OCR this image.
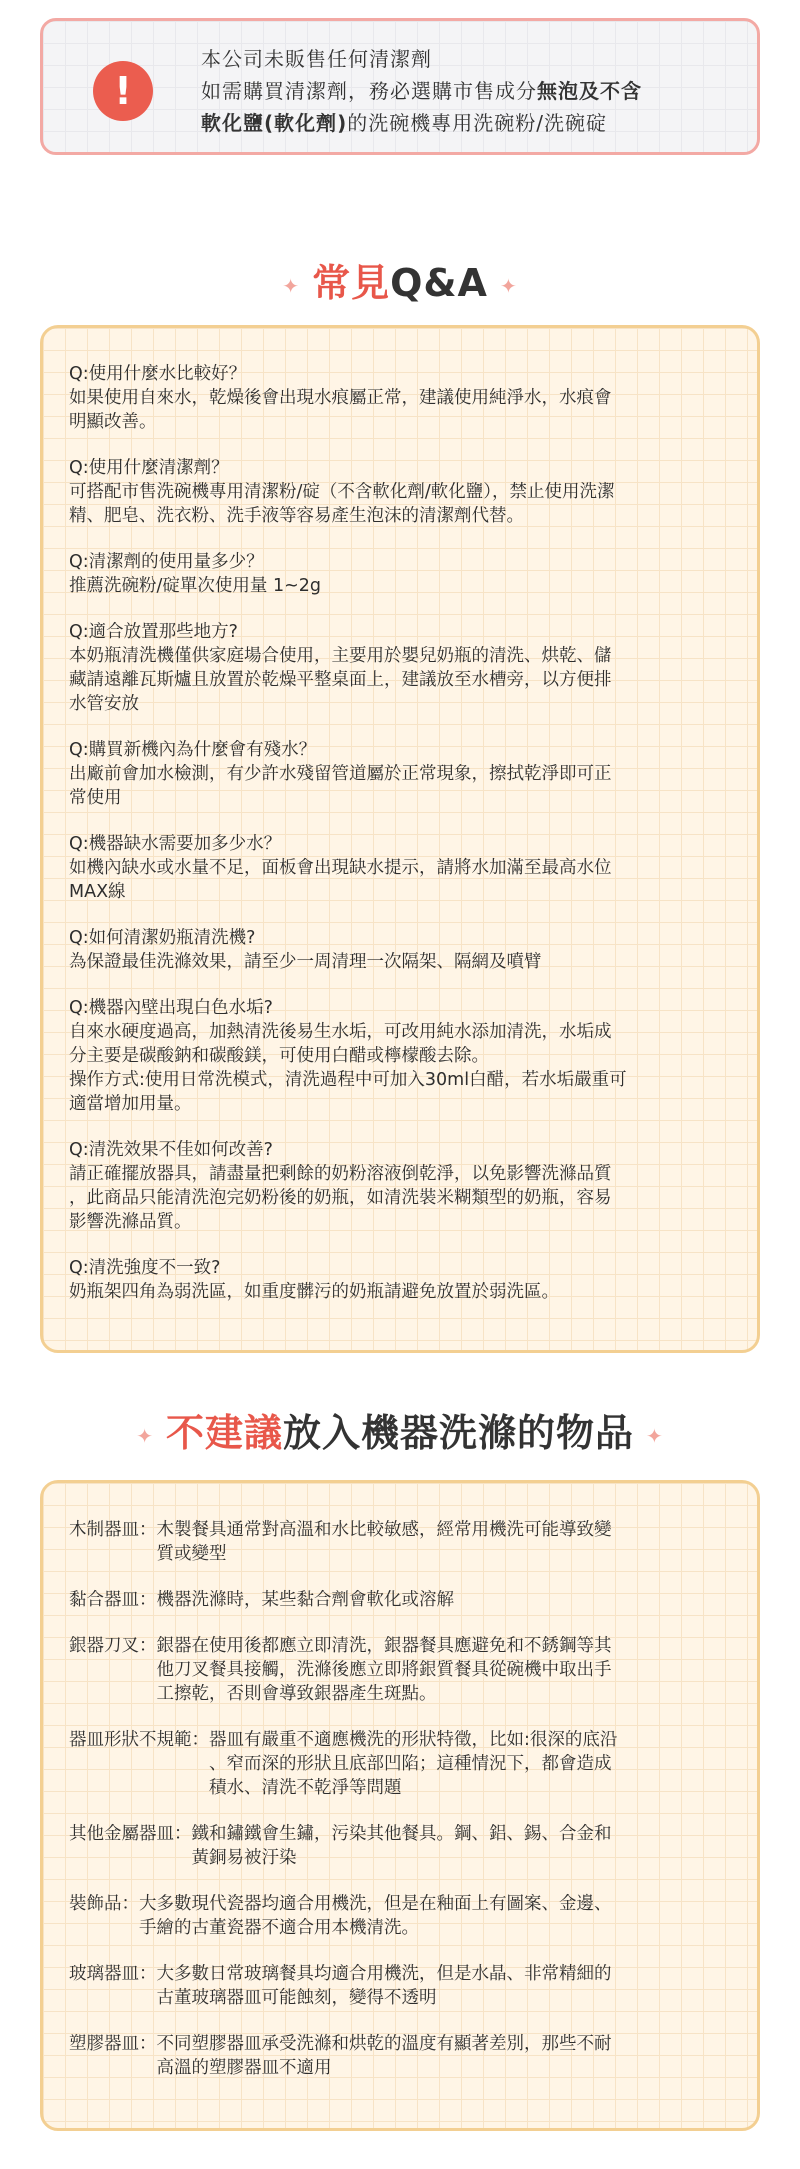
!
本公司未販售任何清潔劑
如需購買清潔劑，務必選購市售成分無泡及不含
軟化鹽(軟化劑)的洗碗機專用洗碗粉/洗碗碇
✦ 常見Q&A ✦
Q:使用什麼水比較好？
如果使用自來水，乾燥後會出現水痕屬正常，建議使用純淨水，水痕會
明顯改善。
Q:使用什麼清潔劑？
可搭配市售洗碗機專用清潔粉/碇（不含軟化劑/軟化鹽），禁止使用洗潔
精、肥皂、洗衣粉、洗手液等容易產生泡沫的清潔劑代替。
Q:清潔劑的使用量多少？
推薦洗碗粉/碇單次使用量 1~2g
Q:適合放置那些地方?
本奶瓶清洗機僅供家庭場合使用，主要用於嬰兒奶瓶的清洗、烘乾、儲
藏請遠離瓦斯爐且放置於乾燥平整桌面上，建議放至水槽旁，以方便排
水管安放
Q:購買新機內為什麼會有殘水？
出廠前會加水檢測，有少許水殘留管道屬於正常現象，擦拭乾淨即可正
常使用
Q:機器缺水需要加多少水？
如機內缺水或水量不足，面板會出現缺水提示，請將水加滿至最高水位
MAX線
Q:如何清潔奶瓶清洗機?
為保證最佳洗滌效果，請至少一周清理一次隔架、隔網及噴臂
Q:機器內壁出現白色水垢?
自來水硬度過高，加熱清洗後易生水垢，可改用純水添加清洗，水垢成
分主要是碳酸鈉和碳酸鎂，可使用白醋或檸檬酸去除。
操作方式:使用日常洗模式，清洗過程中可加入30ml白醋，若水垢嚴重可
適當增加用量。
Q:清洗效果不佳如何改善?
請正確擺放器具，請盡量把剩餘的奶粉溶液倒乾淨，以免影響洗滌品質
，此商品只能清洗泡完奶粉後的奶瓶，如清洗裝米糊類型的奶瓶，容易
影響洗滌品質。
Q:清洗強度不一致?
奶瓶架四角為弱洗區，如重度髒污的奶瓶請避免放置於弱洗區。
✦ 不建議放入機器洗滌的物品 ✦
木制器皿： 木製餐具通常對高溫和水比較敏感，經常用機洗可能導致變
質或變型
黏合器皿： 機器洗滌時，某些黏合劑會軟化或溶解
銀器刀叉： 銀器在使用後都應立即清洗，銀器餐具應避免和不銹鋼等其
他刀叉餐具接觸，洗滌後應立即將銀質餐具從碗機中取出手
工擦乾，否則會導致銀器產生斑點。
器皿形狀不規範： 器皿有嚴重不適應機洗的形狀特徵，比如:很深的底沿
、窄而深的形狀且底部凹陷；這種情況下，都會造成
積水、清洗不乾淨等問題
其他金屬器皿： 鐵和鏽鐵會生鏽，污染其他餐具。鋼、鋁、錫、合金和
黃銅易被汙染
裝飾品： 大多數現代瓷器均適合用機洗，但是在釉面上有圖案、金邊、
手繪的古董瓷器不適合用本機清洗。
玻璃器皿： 大多數日常玻璃餐具均適合用機洗，但是水晶、非常精細的
古董玻璃器皿可能蝕刻，變得不透明
塑膠器皿： 不同塑膠器皿承受洗滌和烘乾的溫度有顯著差別，那些不耐
高溫的塑膠器皿不適用
